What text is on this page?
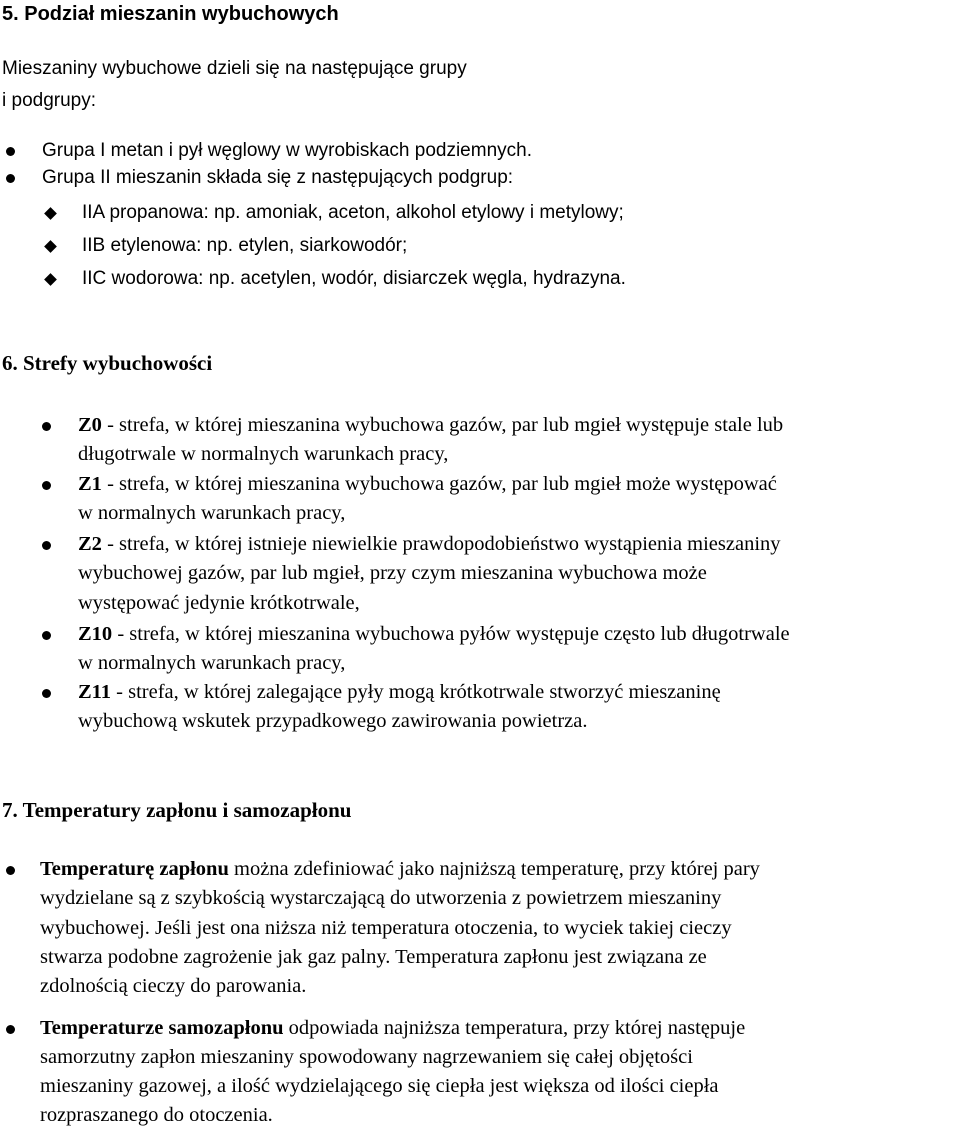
5. Podział mieszanin wybuchowych
Mieszaniny wybuchowe dzieli się na następujące grupy
i podgrupy:
Grupa I metan i pył węglowy w wyrobiskach podziemnych.
Grupa II mieszanin składa się z następujących podgrup:
IIA propanowa: np. amoniak, aceton, alkohol etylowy i metylowy;
IIB etylenowa: np. etylen, siarkowodór;
IIC wodorowa: np. acetylen, wodór, disiarczek węgla, hydrazyna.
6. Strefy wybuchowości
Z0 - strefa, w której mieszanina wybuchowa gazów, par lub mgieł występuje stale lub
długotrwale w normalnych warunkach pracy,
Z1 - strefa, w której mieszanina wybuchowa gazów, par lub mgieł może występować
w normalnych warunkach pracy,
Z2 - strefa, w której istnieje niewielkie prawdopodobieństwo wystąpienia mieszaniny
wybuchowej gazów, par lub mgieł, przy czym mieszanina wybuchowa może
występować jedynie krótkotrwale,
Z10 - strefa, w której mieszanina wybuchowa pyłów występuje często lub długotrwale
w normalnych warunkach pracy,
Z11 - strefa, w której zalegające pyły mogą krótkotrwale stworzyć mieszaninę
wybuchową wskutek przypadkowego zawirowania powietrza.
7. Temperatury zapłonu i samozapłonu
Temperaturę zapłonu można zdefiniować jako najniższą temperaturę, przy której pary
wydzielane są z szybkością wystarczającą do utworzenia z powietrzem mieszaniny
wybuchowej. Jeśli jest ona niższa niż temperatura otoczenia, to wyciek takiej cieczy
stwarza podobne zagrożenie jak gaz palny. Temperatura zapłonu jest związana ze
zdolnością cieczy do parowania.
Temperaturze samozapłonu odpowiada najniższa temperatura, przy której następuje
samorzutny zapłon mieszaniny spowodowany nagrzewaniem się całej objętości
mieszaniny gazowej, a ilość wydzielającego się ciepła jest większa od ilości ciepła
rozpraszanego do otoczenia.
